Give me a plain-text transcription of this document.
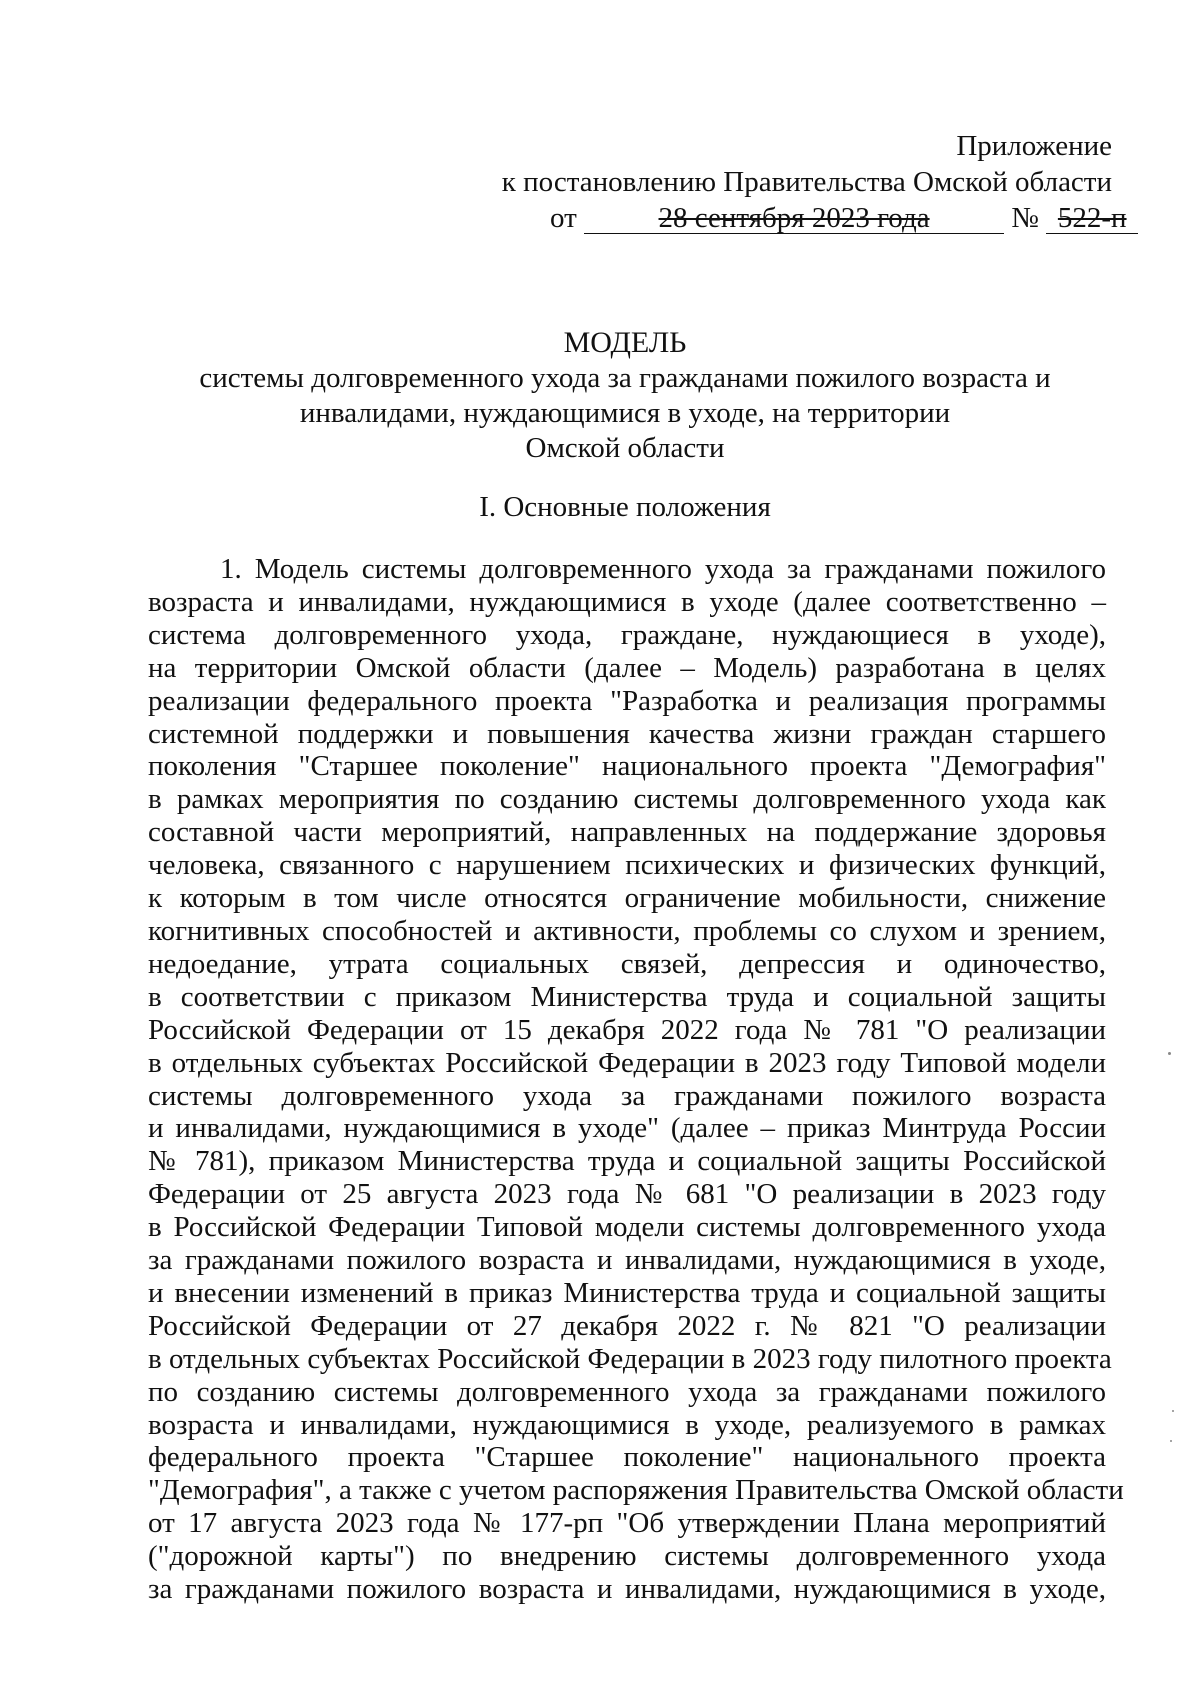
Приложение
к постановлению Правительства Омской области
от	28 сентября 2023 года	№ 522-п
МОДЕЛЬ
системы долговременного ухода за гражданами пожилого возраста и
инвалидами, нуждающимися в уходе, на территории
Омской области
I. Основные положения
1. Модель системы долговременного ухода за гражданами пожилого
возраста и инвалидами, нуждающимися в уходе (далее соответственно –
система долговременного ухода, граждане, нуждающиеся в уходе),
на территории Омской области (далее – Модель) разработана в целях
реализации федерального проекта "Разработка и реализация программы
системной поддержки и повышения качества жизни граждан старшего
поколения "Старшее поколение" национального проекта "Демография"
в рамках мероприятия по созданию системы долговременного ухода как
составной части мероприятий, направленных на поддержание здоровья
человека, связанного с нарушением психических и физических функций,
к которым в том числе относятся ограничение мобильности, снижение
когнитивных способностей и активности, проблемы со слухом и зрением,
недоедание, утрата социальных связей, депрессия и одиночество,
в соответствии с приказом Министерства труда и социальной защиты
Российской Федерации от 15 декабря 2022 года № 781 "О реализации
в отдельных субъектах Российской Федерации в 2023 году Типовой модели
системы долговременного ухода за гражданами пожилого возраста
и инвалидами, нуждающимися в уходе" (далее – приказ Минтруда России
№ 781), приказом Министерства труда и социальной защиты Российской
Федерации от 25 августа 2023 года № 681 "О реализации в 2023 году
в Российской Федерации Типовой модели системы долговременного ухода
за гражданами пожилого возраста и инвалидами, нуждающимися в уходе,
и внесении изменений в приказ Министерства труда и социальной защиты
Российской Федерации от 27 декабря 2022 г. № 821 "О реализации
в отдельных субъектах Российской Федерации в 2023 году пилотного проекта
по созданию системы долговременного ухода за гражданами пожилого
возраста и инвалидами, нуждающимися в уходе, реализуемого в рамках
федерального проекта "Старшее поколение" национального проекта
"Демография", а также с учетом распоряжения Правительства Омской области
от 17 августа 2023 года № 177-рп "Об утверждении Плана мероприятий
("дорожной карты") по внедрению системы долговременного ухода
за гражданами пожилого возраста и инвалидами, нуждающимися в уходе,
